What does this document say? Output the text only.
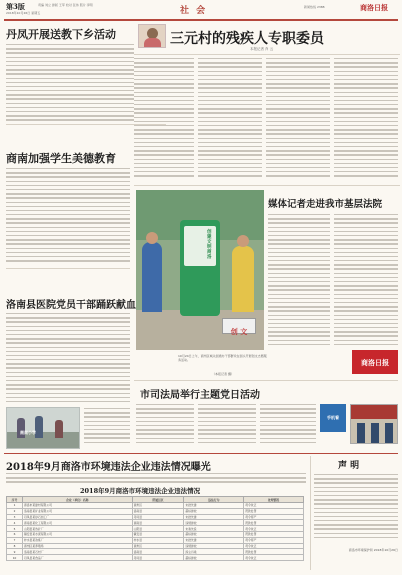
第3版	责编 刘立 排版 王军 校对 张伟 照片 李明
2018年10月26日 星期五	社 会	新闻热线 2388	商洛日报
丹凤开展送教下乡活动
商南加强学生美德教育
洛南县医院党员干部踊跃献血
商南小学
三元村的残疾人专职委员
本报记者 肖 云
创建文明商洛
创 文
10月24日上午，商州区城关街道办干部群众在街头开展创文志愿服务活动。
（本报记者 摄）
媒体记者走进我市基层法院
商洛日报
市司法局举行主题党日活动
手机看
2018年9月商洛市环境违法企业违法情况曝光
2018年9月商洛市环境违法企业违法情况
序号	企业（单位）名称	所属县区	违法行为	处理情况
1	商洛市某建材有限公司	商州区	未批先建	责令改正
2	洛南县某矿业有限公司	洛南县	超标排放	罚款处罚
3	丹凤县某砂石加工厂	丹凤县	未批先建	责令停产
4	商南县某化工有限公司	商南县	违规排放	罚款处罚
5	山阳县某选矿厂	山阳县	未验先投	责令改正
6	镇安县某水泥有限公司	镇安县	超标排放	罚款处罚
7	柞水县某冶炼厂	柞水县	未批先建	责令停产
8	商州区某养殖场	商州区	违规排放	责令改正
9	洛南县某石材厂	洛南县	扬尘污染	罚款处罚
10	丹凤县某食品厂	丹凤县	超标排放	责令改正
声 明
商洛市环境保护局 2018年10月26日
